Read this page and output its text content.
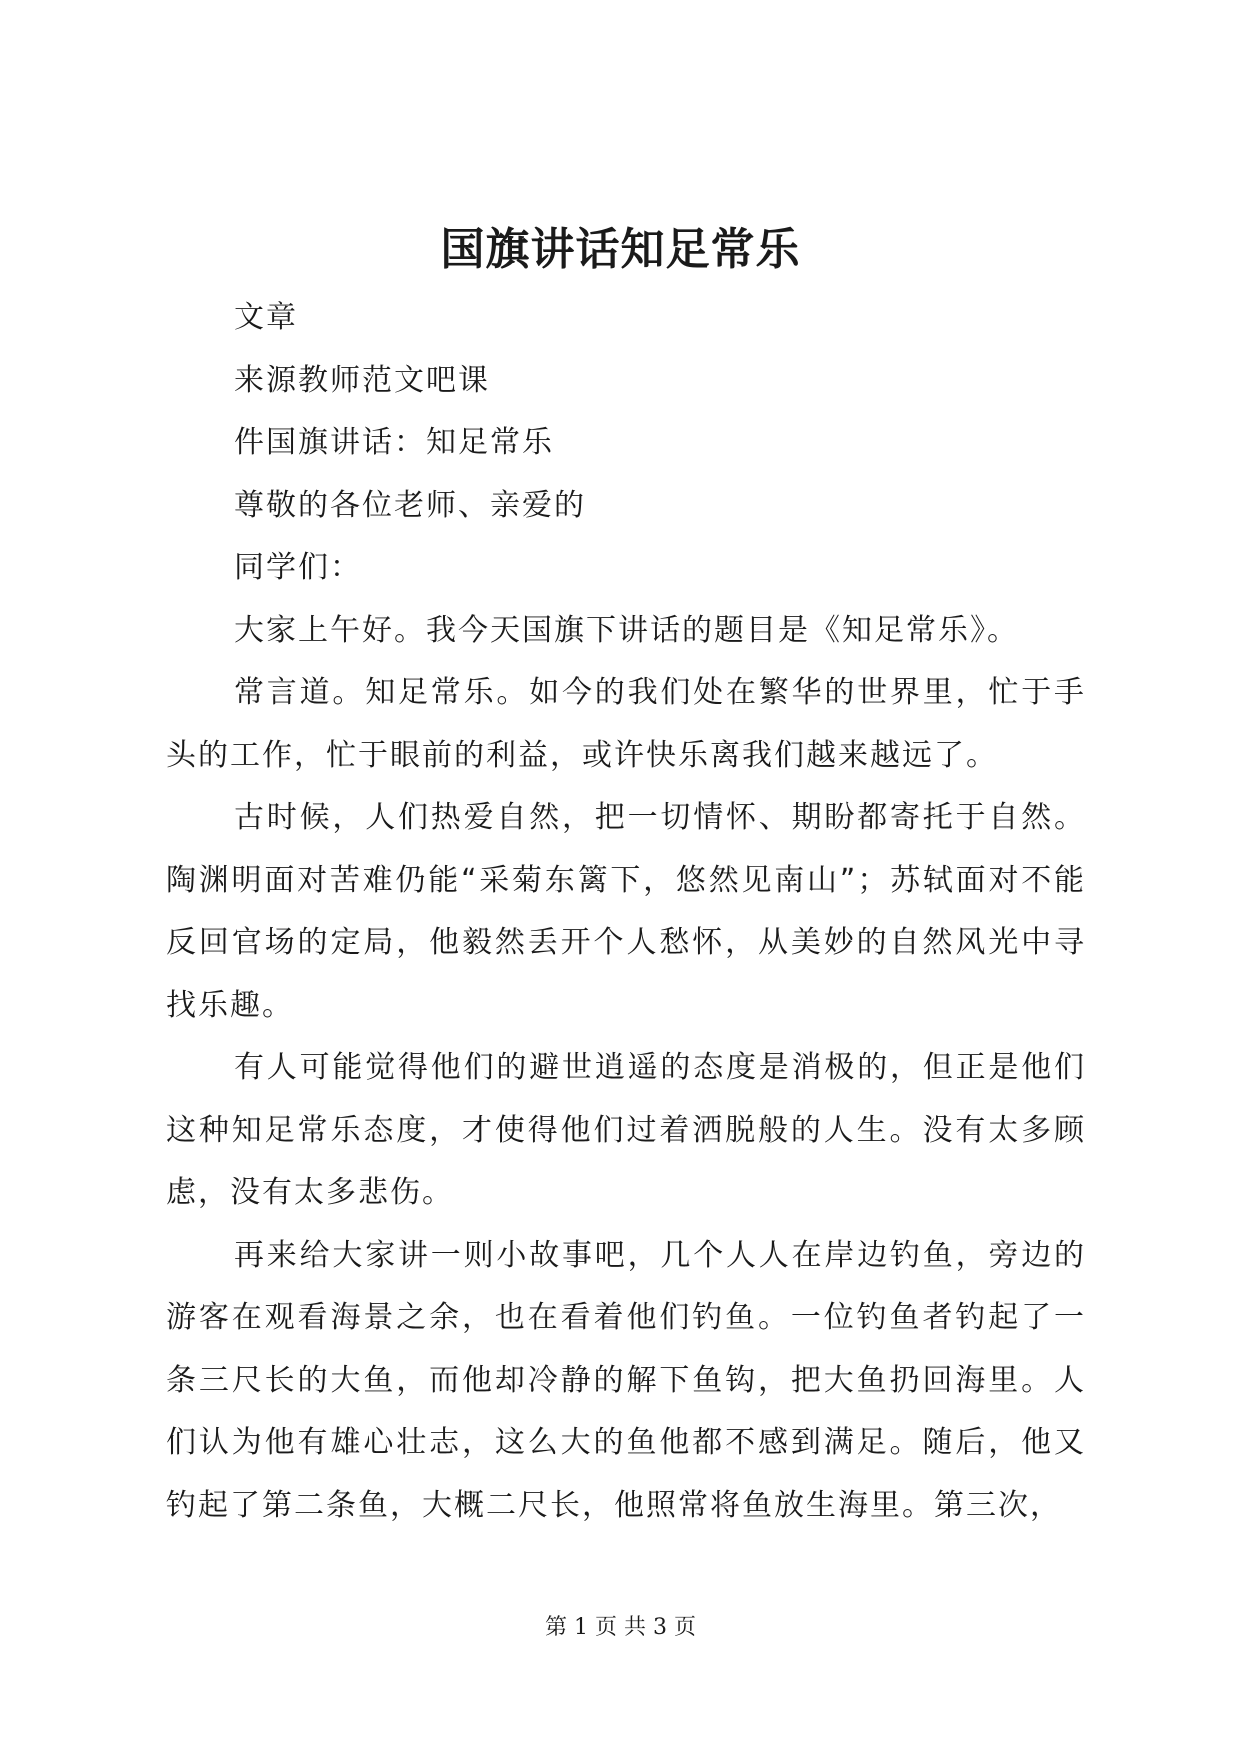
国旗讲话知足常乐

文章

来源教师范文吧课

件国旗讲话：知足常乐

尊敬的各位老师、亲爱的

同学们：

大家上午好。我今天国旗下讲话的题目是《知足常乐》。

常言道。知足常乐。如今的我们处在繁华的世界里，忙于手头的工作，忙于眼前的利益，或许快乐离我们越来越远了。

古时候，人们热爱自然，把一切情怀、期盼都寄托于自然。陶渊明面对苦难仍能“采菊东篱下，悠然见南山”；苏轼面对不能反回官场的定局，他毅然丢开个人愁怀，从美妙的自然风光中寻找乐趣。

有人可能觉得他们的避世逍遥的态度是消极的，但正是他们这种知足常乐态度，才使得他们过着洒脱般的人生。没有太多顾虑，没有太多悲伤。

再来给大家讲一则小故事吧，几个人人在岸边钓鱼，旁边的游客在观看海景之余，也在看着他们钓鱼。一位钓鱼者钓起了一条三尺长的大鱼，而他却冷静的解下鱼钩，把大鱼扔回海里。人们认为他有雄心壮志，这么大的鱼他都不感到满足。随后，他又钓起了第二条鱼，大概二尺长，他照常将鱼放生海里。第三次，

第 1 页 共 3 页
